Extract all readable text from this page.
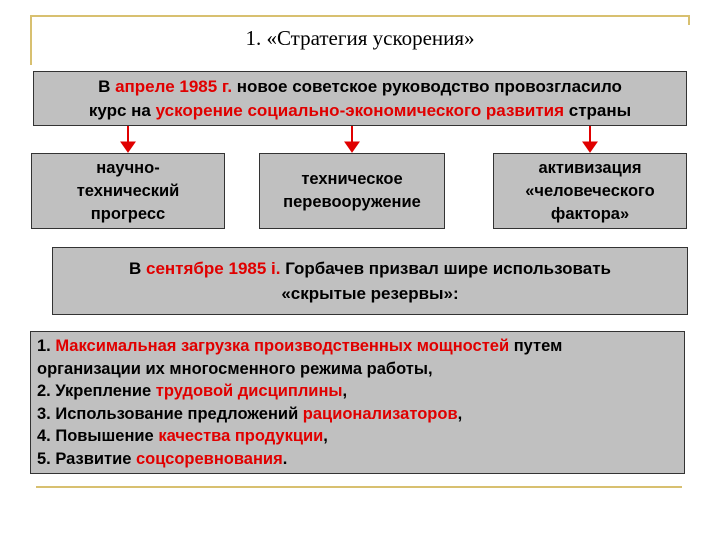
1. «Стратегия ускорения»
В апреле 1985 г. новое советское руководство провозгласило
курс на ускорение социально-экономического развития страны
научно-
технический
прогресс
техническое
перевооружение
активизация
«человеческого
фактора»
В сентябре 1985 i. Горбачев призвал шире использовать
«скрытые резервы»:
1. Максимальная загрузка производственных мощностей путем
организации их многосменного режима работы,
2. Укрепление трудовой дисциплины,
3. Использование предложений рационализаторов,
4. Повышение качества продукции,
5. Развитие соцсоревнования.
